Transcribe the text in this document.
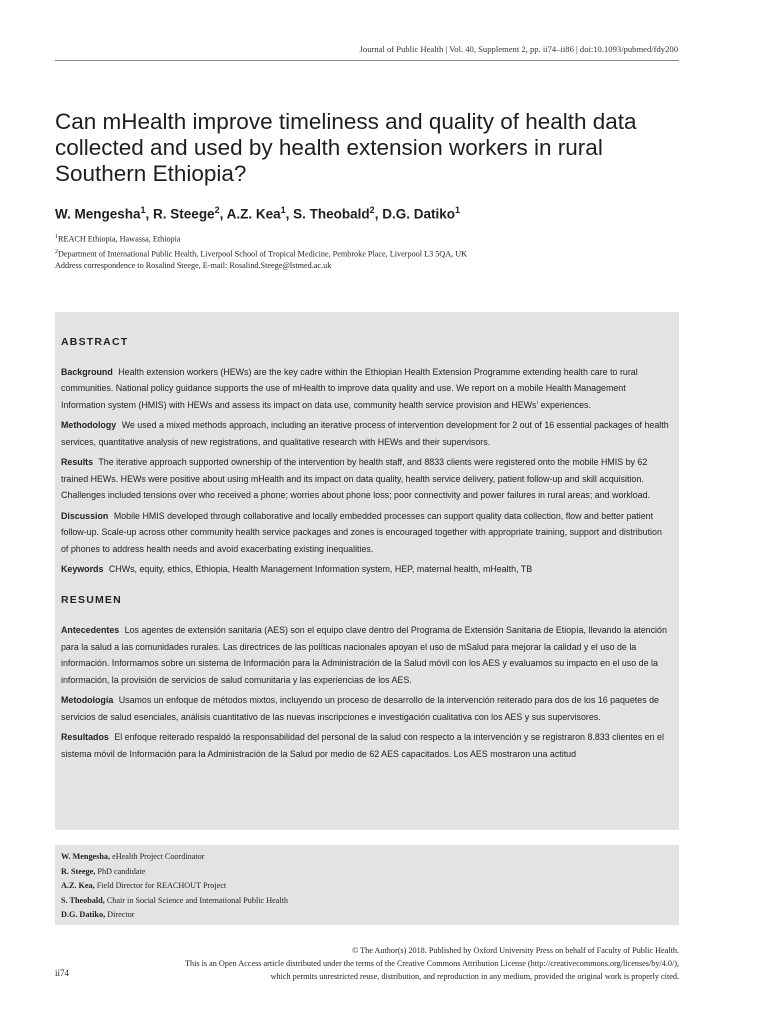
Journal of Public Health | Vol. 40, Supplement 2, pp. ii74–ii86 | doi:10.1093/pubmed/fdy200
Can mHealth improve timeliness and quality of health data collected and used by health extension workers in rural Southern Ethiopia?
W. Mengesha$^1$, R. Steege$^2$, A.Z. Kea$^1$, S. Theobald$^2$, D.G. Datiko$^1$

$^1$REACH Ethiopia, Hawassa, Ethiopia

$^2$Department of International Public Health, Liverpool School of Tropical Medicine, Pembroke Place, Liverpool L3 5QA, UK

Address correspondence to Rosalind Steege, E-mail: Rosalind.Steege@lstmed.ac.uk

ABSTRACT

Background Health extension workers (HEWs) are the key cadre within the Ethiopian Health Extension Programme extending health care to rural communities. National policy guidance supports the use of mHealth to improve data quality and use. We report on a mobile Health Management Information system (HMIS) with HEWs and assess its impact on data use, community health service provision and HEWs’ experiences.

Methodology We used a mixed methods approach, including an iterative process of intervention development for 2 out of 16 essential packages of health services, quantitative analysis of new registrations, and qualitative research with HEWs and their supervisors.

Results The iterative approach supported ownership of the intervention by health staff, and 8833 clients were registered onto the mobile HMIS by 62 trained HEWs. HEWs were positive about using mHealth and its impact on data quality, health service delivery, patient follow-up and skill acquisition. Challenges included tensions over who received a phone; worries about phone loss; poor connectivity and power failures in rural areas; and workload.

Discussion Mobile HMIS developed through collaborative and locally embedded processes can support quality data collection, flow and better patient follow-up. Scale-up across other community health service packages and zones is encouraged together with appropriate training, support and distribution of phones to address health needs and avoid exacerbating existing inequalities.

Keywords CHWs, equity, ethics, Ethiopia, Health Management Information system, HEP, maternal health, mHealth, TB

RESUMEN

Antecedentes Los agentes de extensión sanitaria (AES) son el equipo clave dentro del Programa de Extensión Sanitaria de Etiopía, llevando la atención para la salud a las comunidades rurales. Las directrices de las políticas nacionales apoyan el uso de mSalud para mejorar la calidad y el uso de la información. Informamos sobre un sistema de Información para la Administración de la Salud móvil con los AES y evaluamos su impacto en el uso de la información, la provisión de servicios de salud comunitaria y las experiencias de los AES.

Metodología Usamos un enfoque de métodos mixtos, incluyendo un proceso de desarrollo de la intervención reiterado para dos de los 16 paquetes de servicios de salud esenciales, análisis cuantitativo de las nuevas inscripciones e investigación cualitativa con los AES y sus supervisores.

Resultados El enfoque reiterado respaldó la responsabilidad del personal de la salud con respecto a la intervención y se registraron 8.833 clientes en el sistema móvil de Información para la Administración de la Salud por medio de 62 AES capacitados. Los AES mostraron una actitud

W. Mengesha, eHealth Project Coordinator

R. Steege, PhD candidate

A.Z. Kea, Field Director for REACHOUT Project

S. Theobald, Chair in Social Science and International Public Health

D.G. Datiko, Director

© The Author(s) 2018. Published by Oxford University Press on behalf of Faculty of Public Health.

This is an Open Access article distributed under the terms of the Creative Commons Attribution License (http://creativecommons.org/licenses/by/4.0/),

which permits unrestricted reuse, distribution, and reproduction in any medium, provided the original work is properly cited.

ii74
